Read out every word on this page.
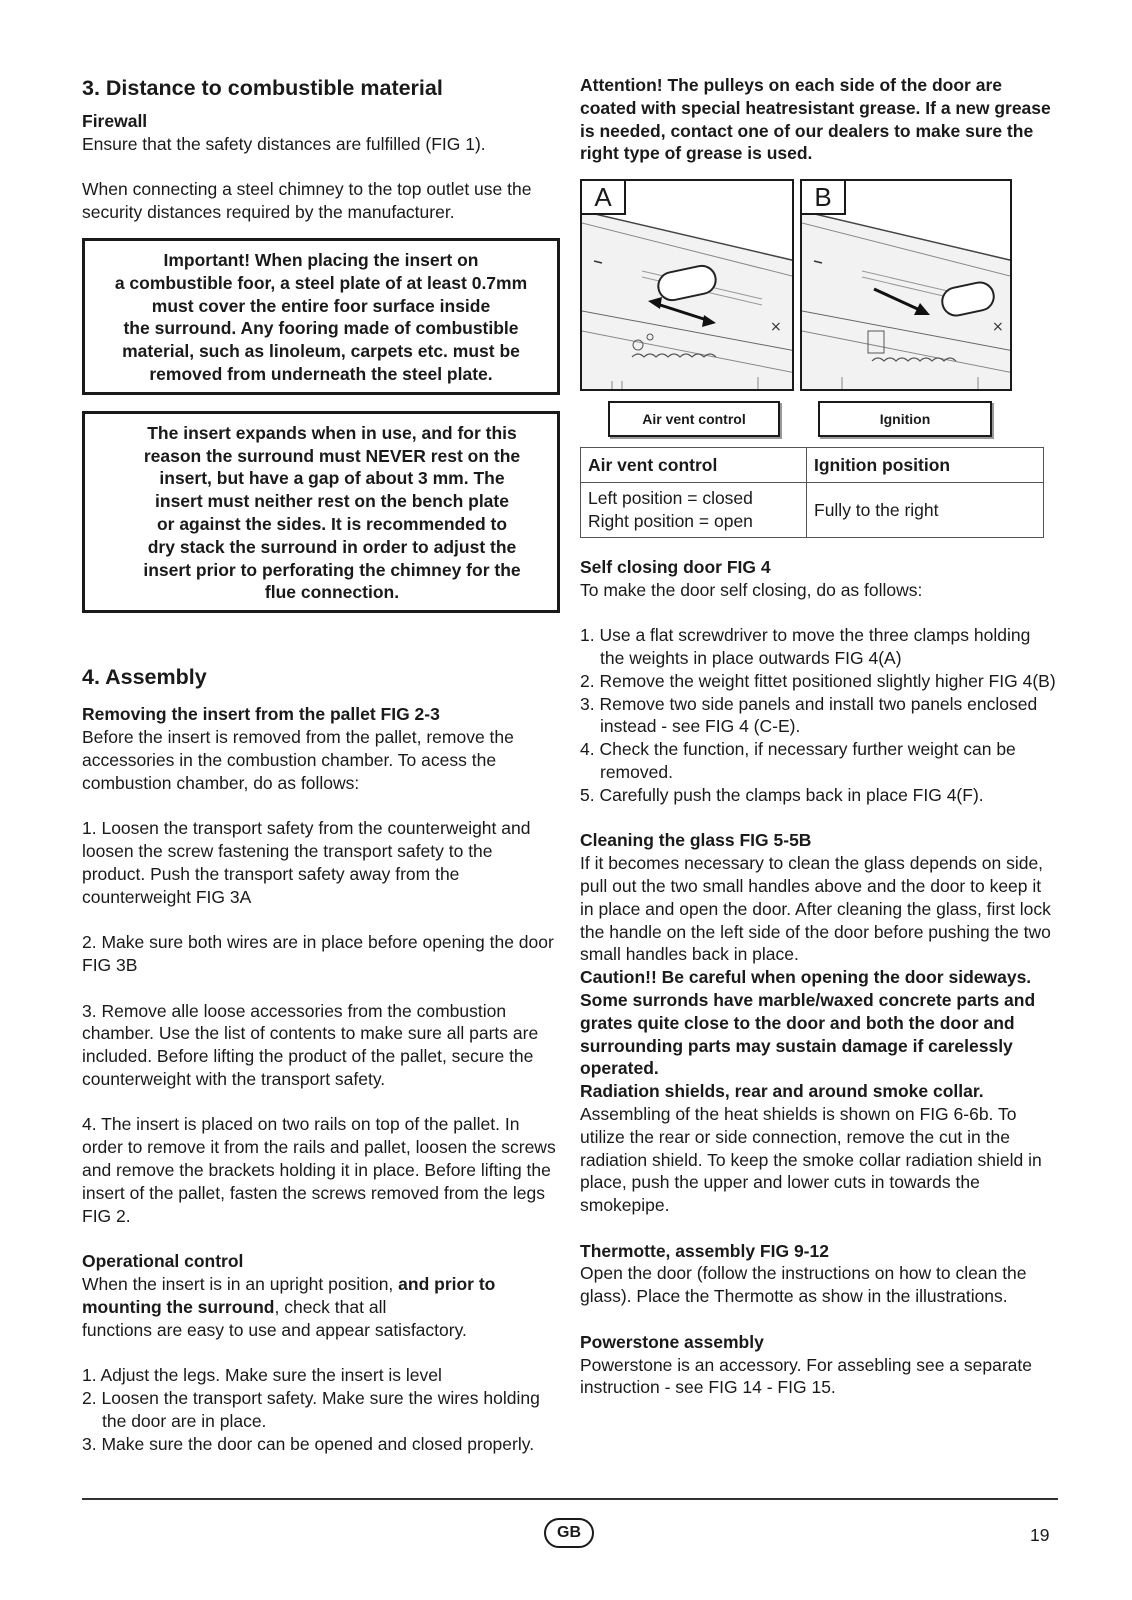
3. Distance to combustible material

Firewall

Ensure that the safety distances are fulfilled (FIG 1).

When connecting a steel chimney to the top outlet use the security distances required by the manufacturer.

Important! When placing the insert on

a combustible foor, a steel plate of at least 0.7mm

must cover the entire foor surface inside

the surround. Any fooring made of combustible

material, such as linoleum, carpets etc. must be

removed from underneath the steel plate.

The insert expands when in use, and for this

reason the surround must NEVER rest on the

insert, but have a gap of about 3 mm. The

insert must neither rest on the bench plate

or against the sides. It is recommended to

dry stack the surround in order to adjust the

insert prior to perforating the chimney for the

flue connection.

4. Assembly

Removing the insert from the pallet FIG 2-3

Before the insert is removed from the pallet, remove the accessories in the combustion chamber. To acess the combustion chamber, do as follows:

1. Loosen the transport safety from the counterweight and loosen the screw fastening the transport safety to the product. Push the transport safety away from the counterweight FIG 3A

2. Make sure both wires are in place before opening the door FIG 3B

3. Remove alle loose accessories from the combustion chamber. Use the list of contents to make sure all parts are included. Before lifting the product of the pallet, secure the counterweight with the transport safety.

4. The insert is placed on two rails on top of the pallet. In order to remove it from the rails and pallet, loosen the screws and remove the brackets holding it in place. Before lifting the insert of the pallet, fasten the screws removed from the legs FIG 2.

Operational control

When the insert is in an upright position, and prior to mounting the surround, check that all

functions are easy to use and appear satisfactory.

1. Adjust the legs. Make sure the insert is level
2. Loosen the transport safety. Make sure the wires holding the door are in place.
3. Make sure the door can be opened and closed properly.

Attention! The pulleys on each side of the door are coated with special heatresistant grease. If a new grease is needed, contact one of our dealers to make sure the right type of grease is used.

×
A
×
B
Air vent control	Ignition
Air vent control	Ignition position

Left position = closed
Right position = open	Fully to the right

Self closing door FIG 4

To make the door self closing, do as follows:

1. Use a flat screwdriver to move the three clamps holding the weights in place outwards FIG 4(A)
2. Remove the weight fittet positioned slightly higher FIG 4(B)
3. Remove two side panels and install two panels enclosed instead - see FIG 4 (C-E).
4. Check the function, if necessary further weight can be removed.
5. Carefully push the clamps back in place FIG 4(F).

Cleaning the glass FIG 5-5B

If it becomes necessary to clean the glass depends on side, pull out the two small handles above and the door to keep it in place and open the door. After cleaning the glass, first lock the handle on the left side of the door before pushing the two small handles back in place.

Caution!! Be careful when opening the door sideways. Some surronds have marble/waxed concrete parts and grates quite close to the door and both the door and surrounding parts may sustain damage if carelessly operated.

Radiation shields, rear and around smoke collar.

Assembling of the heat shields is shown on FIG 6-6b. To utilize the rear or side connection, remove the cut in the radiation shield. To keep the smoke collar radiation shield in place, push the upper and lower cuts in towards the smokepipe.

Thermotte, assembly FIG 9-12

Open the door (follow the instructions on how to clean the glass). Place the Thermotte as show in the illustrations.

Powerstone assembly

Powerstone is an accessory. For assebling see a separate instruction - see FIG 14 - FIG 15.

GB	19
